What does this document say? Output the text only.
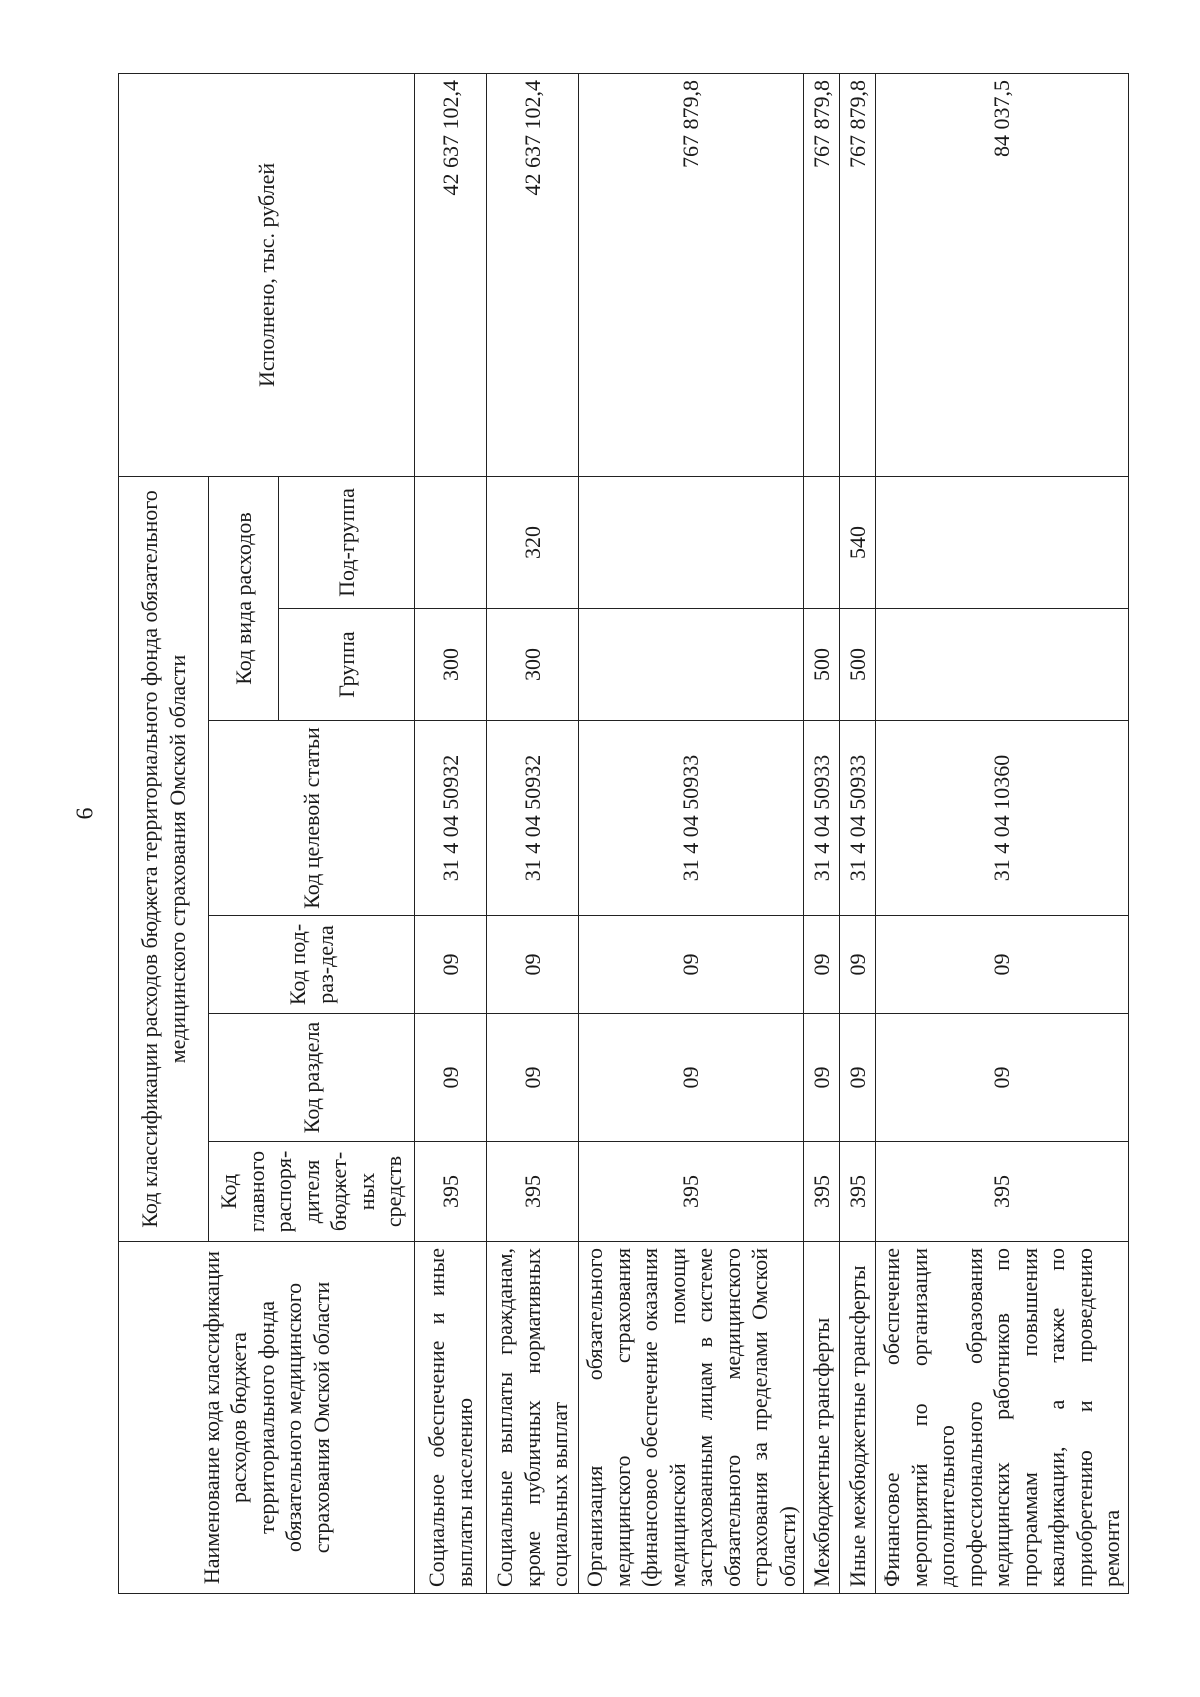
6
Наименование кода классификации расходов бюджета территориального фонда обязательного медицинского страхования Омской области	Код классификации расходов бюджета территориального фонда обязательного медицинского страхования Омской области						Исполнено, тыс. рублей
	Код главного распоря-дителя бюджет-ных средств	Код раздела	Код под-раз-дела	Код целевой статьи	Код вида расходов		
					Группа	Под-группа	
Социальное обеспечение и иные выплаты населению	395	09	09	31 4 04 50932	300		42 637 102,4
Социальные выплаты гражданам, кроме публичных нормативных социальных выплат	395	09	09	31 4 04 50932	300	320	42 637 102,4
Организация обязательного медицинского страхования (финансовое обеспечение оказания медицинской помощи застрахованным лицам в системе обязательного медицинского страхования за пределами Омской области)	395	09	09	31 4 04 50933			767 879,8
Межбюджетные трансферты	395	09	09	31 4 04 50933	500		767 879,8
Иные межбюджетные трансферты	395	09	09	31 4 04 50933	500	540	767 879,8
Финансовое обеспечение мероприятий по организации дополнительного профессионального образования медицинских работников по программам повышения квалификации, а также по приобретению и проведению ремонта	395	09	09	31 4 04 10360			84 037,5
